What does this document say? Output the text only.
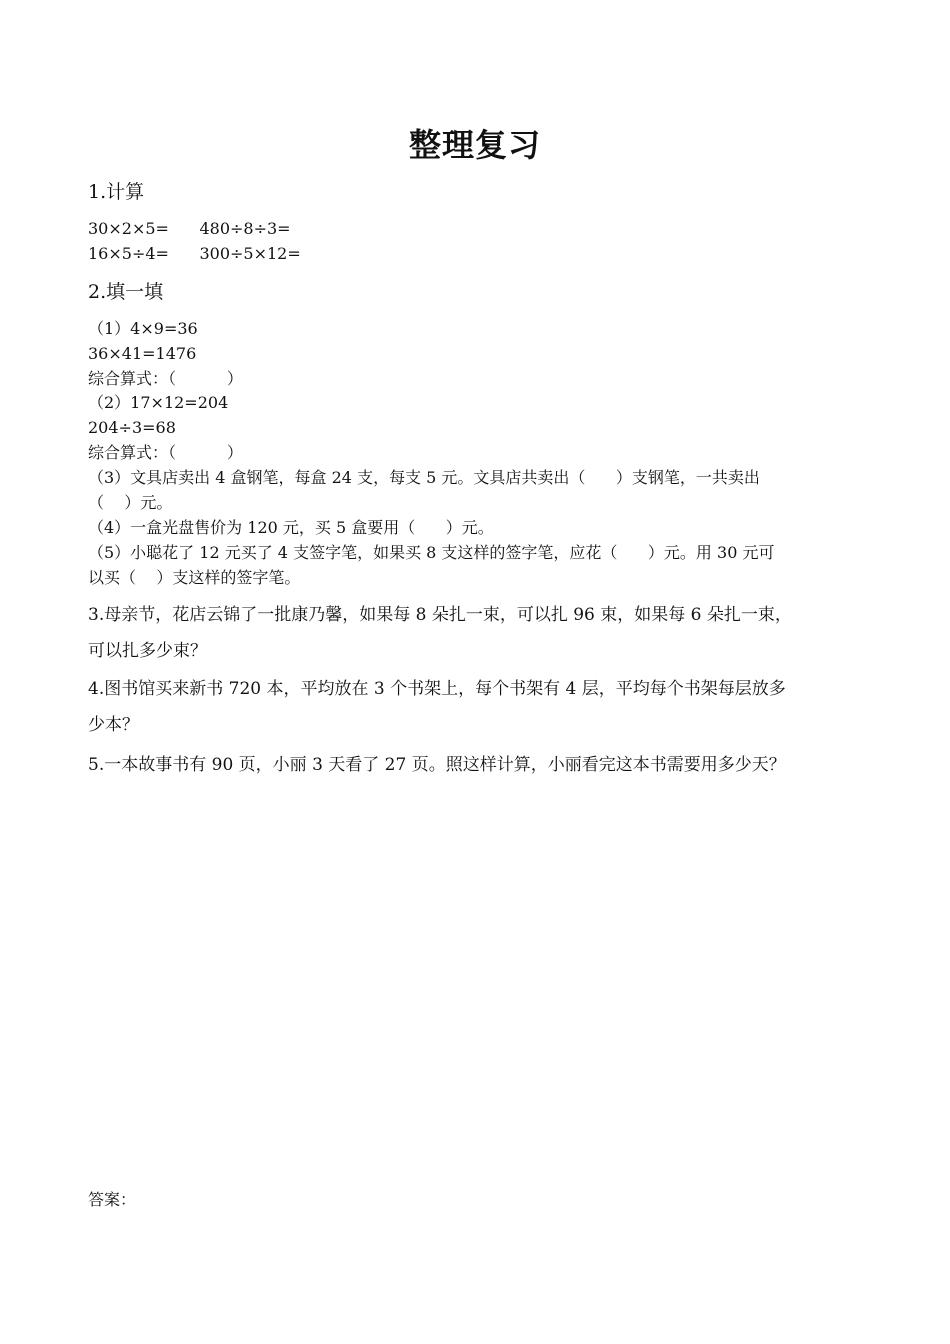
整理复习
1.计算
30×2×5=      480÷8÷3=
16×5÷4=      300÷5×12=
2.填一填
（1）4×9=36
36×41=1476
综合算式：（          ）
（2）17×12=204
204÷3=68
综合算式：（          ）
（3）文具店卖出 4 盒钢笔，每盒 24 支，每支 5 元。文具店共卖出（      ）支钢笔，一共卖出
（    ）元。
（4）一盒光盘售价为 120 元，买 5 盒要用（      ）元。
（5）小聪花了 12 元买了 4 支签字笔，如果买 8 支这样的签字笔，应花（      ）元。用 30 元可
以买（    ）支这样的签字笔。
3.母亲节，花店云锦了一批康乃馨，如果每 8 朵扎一束，可以扎 96 束，如果每 6 朵扎一束，
可以扎多少束？
4.图书馆买来新书 720 本，平均放在 3 个书架上，每个书架有 4 层，平均每个书架每层放多
少本？
5.一本故事书有 90 页，小丽 3 天看了 27 页。照这样计算，小丽看完这本书需要用多少天？
答案：
